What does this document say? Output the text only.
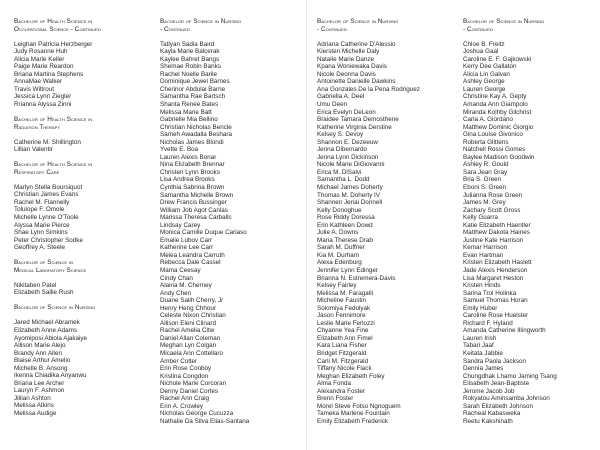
Bachelor of Health Science in
Occupational Science - Continued
Leighan Patricia Herzberger
Judy Rosanne Huh
Alicia Marie Keller
Paige Marie Reardon
Briana Martina Stephens
AnnaMae Walker
Travis Wiltrout
Jessica Lynn Ziegler
Rrianna Alyssa Zinni
Bachelor of Health Science in
Radiation Therapy
Catherine M. Shillington
Lillian Valentir
Bachelor of Health Science in
Respiratory Care
Marlyn Stella Boursiquot
Christian James Evans
Rachel M. Flannelly
Tolulope F. Omole
Michelle Lynne O'Toole
Alyssa Marie Pierce
Shae Lynn Simkins
Peter Christopher Sodke
Geoffrey A. Steele
Bachelor of Science in
Medical Laboratory Science
Nikitaben Patel
Elizabeth Sallie Rush
Bachelor of Science in Nursing
Jared Michael Abramek
Elizabeth Anne Adams
Ayomiposi Abiola Ajakaiye
Allison Marie Alejo
Brandy Ann Allen
Blaise Arthur Amelio
Michelle B. Ansong
Ikenna Chiadika Anyanwu
Briana Lee Archer
Lauryn F. Ashmon
Jillian Ashton
Melissa Atkins
Melissa Audige
Bachelor of Science in Nursing
- Continued
Tatlyan Sadia Baird
Kayla Marie Balcerak
Kaylee Bahret Bangs
Shemae Robin Banks
Rachel Noelle Barile
Dominique Jewel Barnes
Cherinor Abdulai Barrie
Samantha Rae Bartsch
Shanta Renee Bates
Melissa Marie Batt
Gabrielle Mia Bellino
Christian Nicholas Bencle
Sameh Awadalla Beshara
Nicholas James Blondi
Yvette E. Boa
Lauren Alexis Bonar
Nina Elizabeth Brennar
Christen Lynn Brooks
Lisa Andrea Brooks
Cynthia Sabrina Brown
Samantha Michelle Brown
Drew Francis Bussinger
William Job Agot Canlas
Marissa Theresa Carballc
Lindsay Carey
Monica Camille Duque Cariaso
Emalie Lubov Carr
Katherine Lee Carr
Melea Leandra Carruth
Rebecca Dale Cassel
Mama Ceesay
Cindy Chan
Alaina M. Cherney
Andy Chen
Duane Salih Cherry, Jr
Henry Heng Chhour
Celeste Nixon Christian
Allison Eleni Clinard
Rachel Amelia Cltw
Daniel Allan Coleman
Meghan Lyn Colgan
Micaela Ann Cottellaro
Amber Colter
Erin Rose Conboy
Kristina Congdon
Nichole Marie Corcoran
Denny Daniel Cortes
Rachel Ann Craig
Erin A. Crowley
Nicholas George Cucuzza
Nathalie Da Silva Elias-Santana
Bachelor of Science in Nursing
- Continued
Adriana Catherine D'Alessio
Kiersten Michelle Daly
Natalie Marie Danze
Kpana Woniewaka Davis
Nicole Deonna Davis
Antoinette Danielle Dawkins
Ana Gonzales De la Pena Rodriguez
Gabriella A. Deel
Umu Deen
Erica Evelyn DeLeon
Braidee Tamara Demosthene
Katherine Virginia Derstine
Kelsey S. Devoy
Shannon E. Dezeeuw
Jenna Dibernardo
Jenna Lynn Dickinson
Nicole Marie DiGiovanni
Erica M. DiSalvi
Samantha L. Dodd
Michael James Doherty
Thomas M. Doherty IV
Shannen Jenai Donnell
Kelly Donoghue
Rose Riddy Doressa
Erin Kathleen Dowd
Julie A. Downs
Maria Therese Drab
Sarah M. Duffner
Kia M. Durham
Alexa Edenburg
Jennifer Lynn Edinger
Brianna N. Estremera-Davis
Kelsey Fairley
Melissa M. Faragalli
Micheline Faustin
Solomiya Fedolyak
Jason Fennimore
Leslie Marie Ferlozzi
Chyanne Yea Fine
Elizabeth Ann Fimel
Kara Liana Fisher
Bridget Fitzgerald
Carli M. Fitzgerald
Tiffany Nicole Flack
Meghan Elizabeth Foley
Alma Fonda
Alexandra Foster
Brenn Foster
Morel Steve Fotso Ngnoguem
Tameka Marlene Fountain
Emily Elizabeth Frederick
Bachelor of Science in Nursing
- Continued
Chloe B. Freitz
Joshua Gaal
Caroline E. F. Gajkowski
Kerry Dee Gallaton
Alicia Lin Galvan
Ashley George
Lauren George
Christine Kay A. Gepty
Amanda Ann Giampolo
Miranda Kolhby Gilchrist
Carla A. Giordano
Matthew Dominic Giorgio
Gina Louise Givonico
Roberta Glittens
Natchell Rossi Gomes
Baylee Madison Goodwin
Ashley R. Gould
Sara Jean Gray
Bria S. Green
Eboni S. Green
Julianna Rose Green
James M. Grey
Zachary Scott Gross
Kelly Guarra
Katie Elizabeth Haentler
Matthew Dakota Haines
Justine Kate Harrison
Kemar Harrison
Evan Hartman
Kristen Elizabeth Haslett
Jade Alexis Henderson
Lisa Margaret Heston
Kristen Hinds
Sarina Trol Holinka
Samuel Thomas Horan
Emily Huber
Caroline Rose Huelster
Richard F. Hyland
Amanda Catherine Illingworth
Lauren Irish
Tabari Jaaf
Keitata Jabbie
Sandra Paola Jackson
Dennia James
Chungdhak Lhamo Jaming Tsang
Elisabeth Jean-Baptiste
Jerome Jacob Job
Rokyatou Aminsamba Johnson
Sarah Elizabeth Johnson
Racheal Kabasweka
Reetu Kakshinath
